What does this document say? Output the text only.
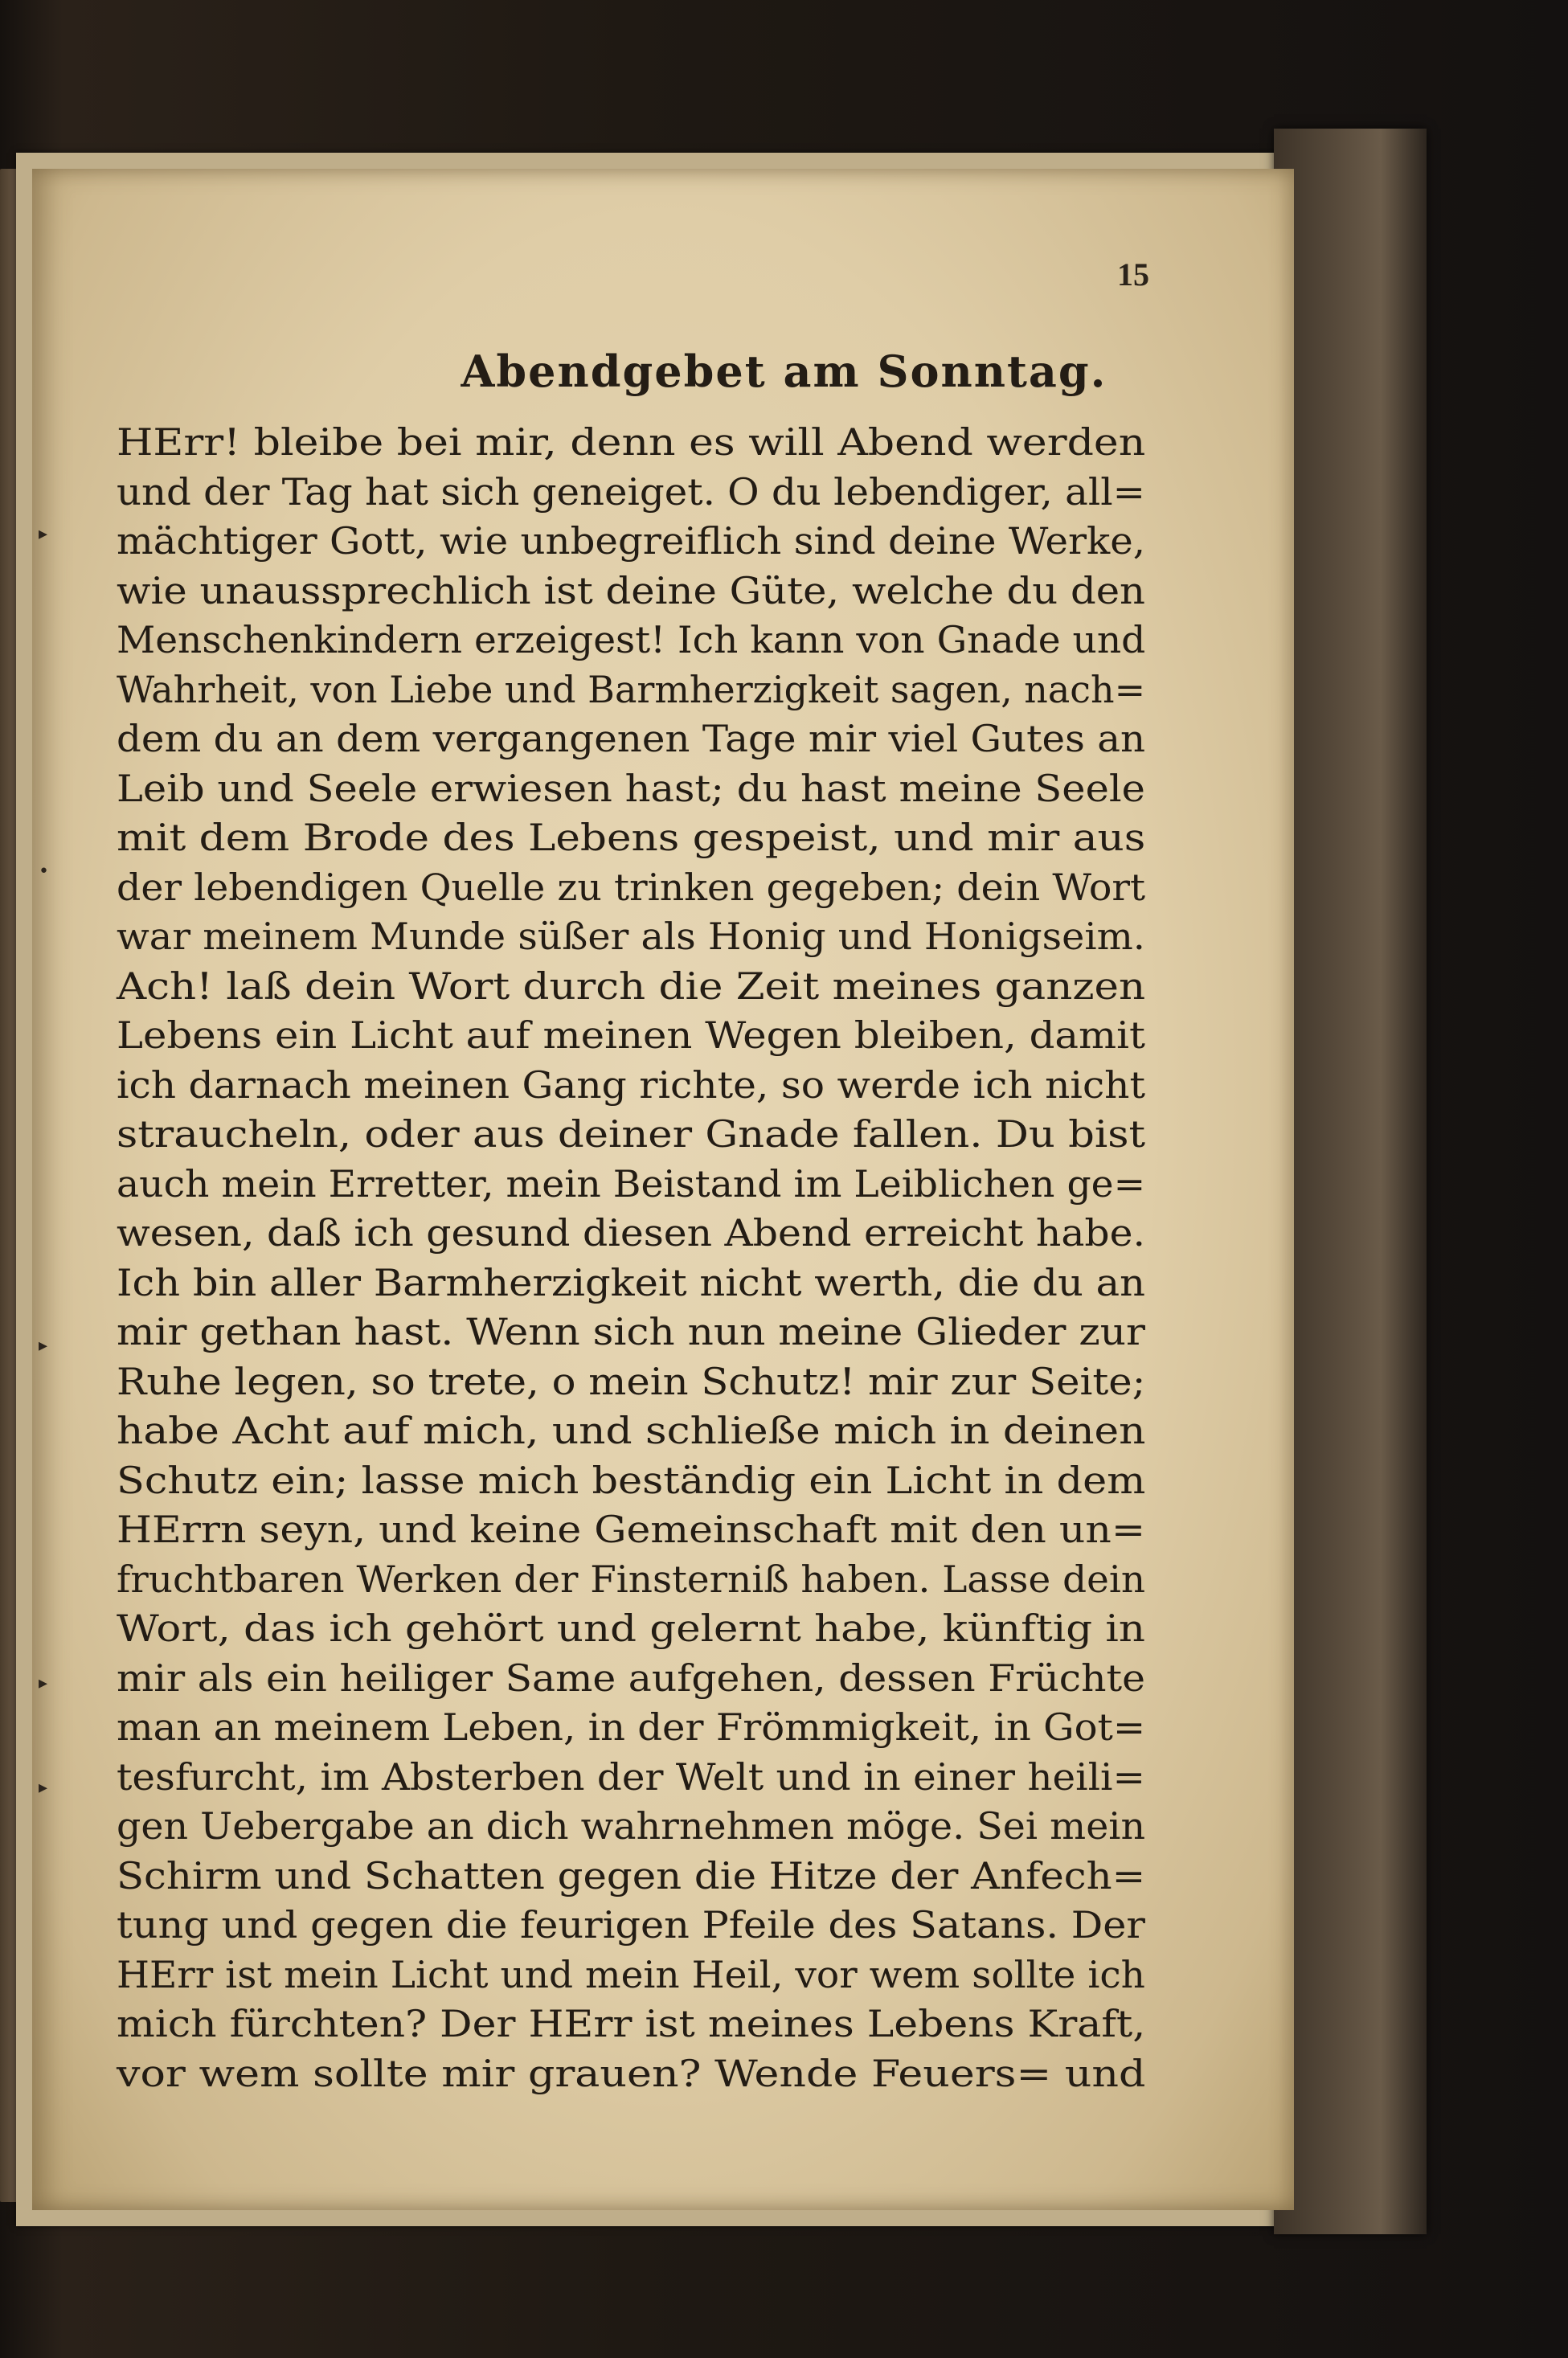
▸
•
▸
▸
▸
15
Abendgebet am Sonntag.
HErr! bleibe bei mir, denn es will Abend werden
und der Tag hat sich geneiget. O du lebendiger, all=
mächtiger Gott, wie unbegreiflich sind deine Werke,
wie unaussprechlich ist deine Güte, welche du den
Menschenkindern erzeigest! Ich kann von Gnade und
Wahrheit, von Liebe und Barmherzigkeit sagen, nach=
dem du an dem vergangenen Tage mir viel Gutes an
Leib und Seele erwiesen hast; du hast meine Seele
mit dem Brode des Lebens gespeist, und mir aus
der lebendigen Quelle zu trinken gegeben; dein Wort
war meinem Munde süßer als Honig und Honigseim.
Ach! laß dein Wort durch die Zeit meines ganzen
Lebens ein Licht auf meinen Wegen bleiben, damit
ich darnach meinen Gang richte, so werde ich nicht
straucheln, oder aus deiner Gnade fallen. Du bist
auch mein Erretter, mein Beistand im Leiblichen ge=
wesen, daß ich gesund diesen Abend erreicht habe.
Ich bin aller Barmherzigkeit nicht werth, die du an
mir gethan hast. Wenn sich nun meine Glieder zur
Ruhe legen, so trete, o mein Schutz! mir zur Seite;
habe Acht auf mich, und schließe mich in deinen
Schutz ein; lasse mich beständig ein Licht in dem
HErrn seyn, und keine Gemeinschaft mit den un=
fruchtbaren Werken der Finsterniß haben. Lasse dein
Wort, das ich gehört und gelernt habe, künftig in
mir als ein heiliger Same aufgehen, dessen Früchte
man an meinem Leben, in der Frömmigkeit, in Got=
tesfurcht, im Absterben der Welt und in einer heili=
gen Uebergabe an dich wahrnehmen möge. Sei mein
Schirm und Schatten gegen die Hitze der Anfech=
tung und gegen die feurigen Pfeile des Satans. Der
HErr ist mein Licht und mein Heil, vor wem sollte ich
mich fürchten? Der HErr ist meines Lebens Kraft,
vor wem sollte mir grauen? Wende Feuers= und
